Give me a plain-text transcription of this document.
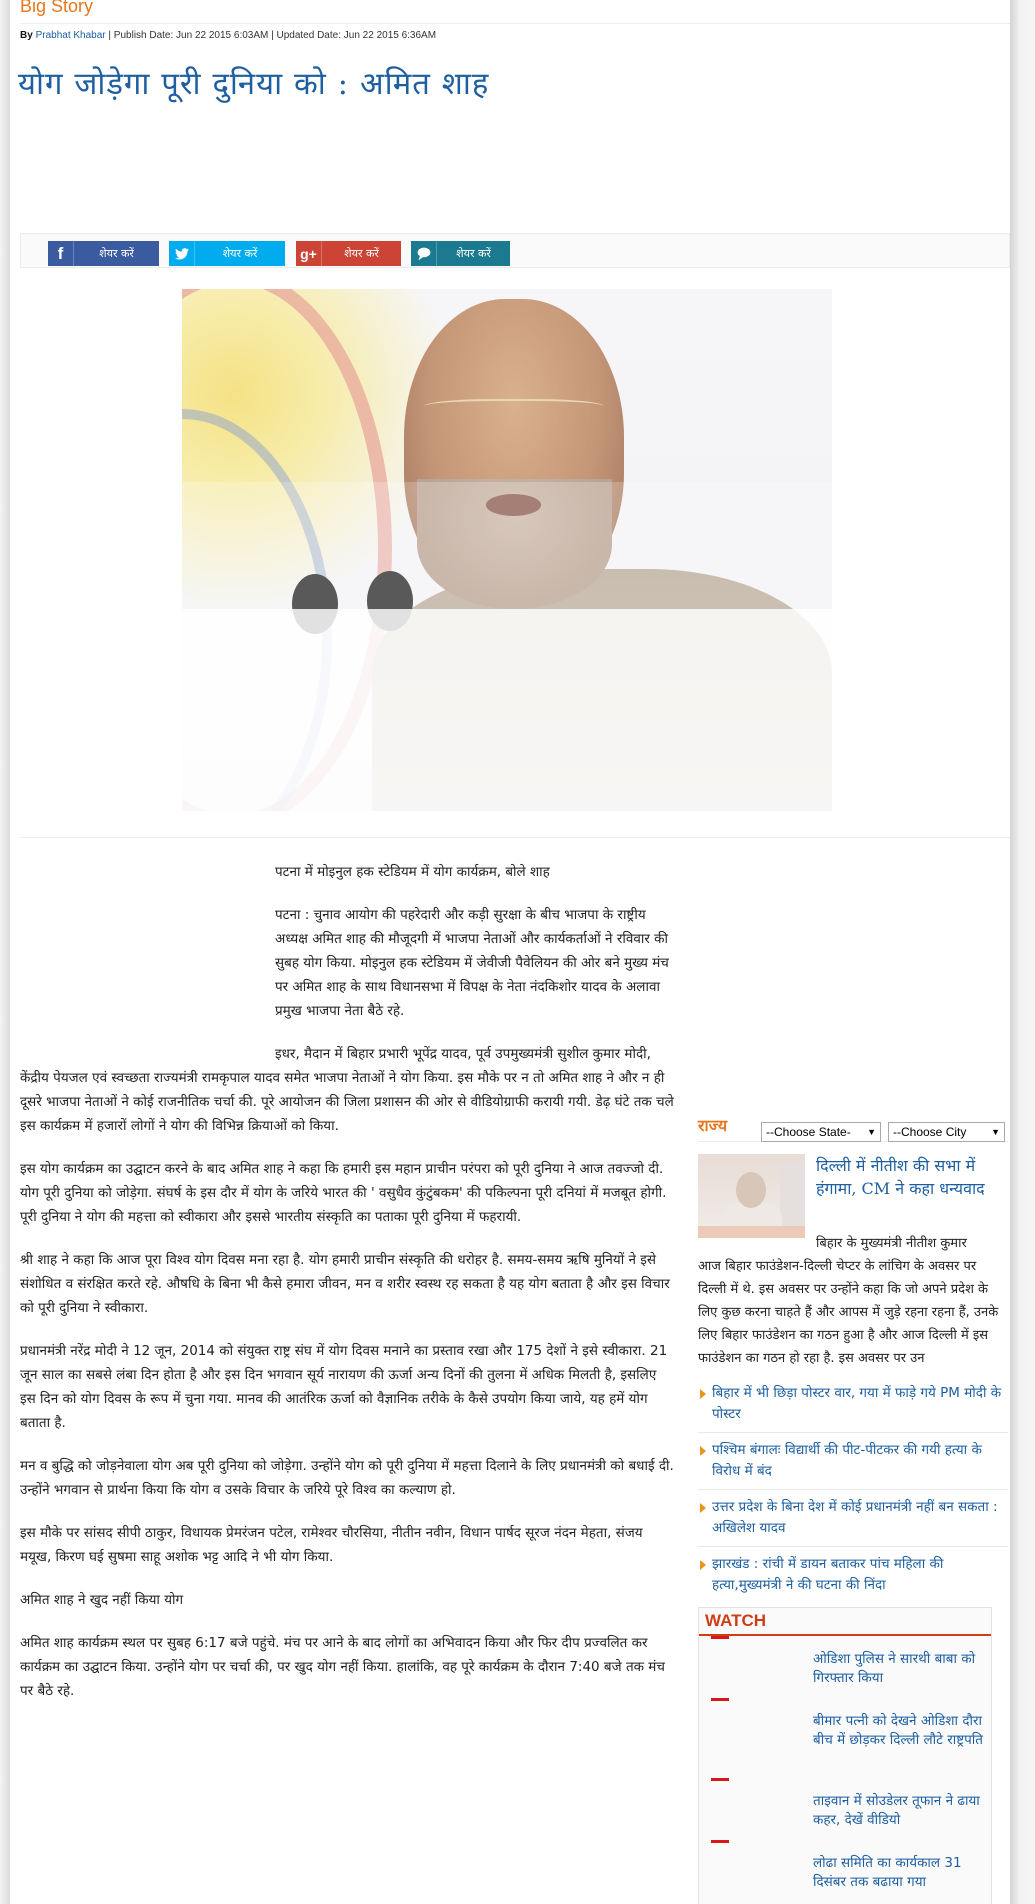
Big Story
By Prabhat Khabar | Publish Date: Jun 22 2015 6:03AM | Updated Date: Jun 22 2015 6:36AM
योग जोड़ेगा पूरी दुनिया को : अमित शाह
f	शेयर करें	शेयर करें	g+	शेयर करें	शेयर करें

पटना में मोइनुल हक स्टेडियम में योग कार्यक्रम, बोले शाह

पटना : चुनाव आयोग की पहरेदारी और कड़ी सुरक्षा के बीच भाजपा के राष्ट्रीय अध्यक्ष अमित शाह की मौजूदगी में भाजपा नेताओं और कार्यकर्ताओं ने रविवार की सुबह योग किया. मोइनुल हक स्टेडियम में जेवीजी पैवेलियन की ओर बने मुख्य मंच पर अमित शाह के साथ विधानसभा में विपक्ष के नेता नंदकिशोर यादव के अलावा प्रमुख भाजपा नेता बैठे रहे.

इधर, मैदान में बिहार प्रभारी भूपेंद्र यादव, पूर्व उपमुख्यमंत्री सुशील कुमार मोदी, केंद्रीय पेयजल एवं स्वच्छता राज्यमंत्री रामकृपाल यादव समेत भाजपा नेताओं ने योग किया. इस मौके पर न तो अमित शाह ने और न ही दूसरे भाजपा नेताओं ने कोई राजनीतिक चर्चा की. पूरे आयोजन की जिला प्रशासन की ओर से वीडियोग्राफी करायी गयी. डेढ़ घंटे तक चले इस कार्यक्रम में हजारों लोगों ने योग की विभिन्न क्रियाओं को किया.

इस योग कार्यक्रम का उद्घाटन करने के बाद अमित शाह ने कहा कि हमारी इस महान प्राचीन परंपरा को पूरी दुनिया ने आज तवज्जो दी. योग पूरी दुनिया को जोड़ेगा. संघर्ष के इस दौर में योग के जरिये भारत की ' वसुधैव कुंटुंबकम' की पकिल्पना पूरी दनियां में मजबूत होगी. पूरी दुनिया ने योग की महत्ता को स्वीकारा और इससे भारतीय संस्कृति का पताका पूरी दुनिया में फहरायी.

श्री शाह ने कहा कि आज पूरा विश्व योग दिवस मना रहा है. योग हमारी प्राचीन संस्कृति की धरोहर है. समय-समय ऋषि मुनियों ने इसे संशोधित व संरक्षित करते रहे. औषधि के बिना भी कैसे हमारा जीवन, मन व शरीर स्वस्थ रह सकता है यह योग बताता है और इस विचार को पूरी दुनिया ने स्वीकारा.

प्रधानमंत्री नरेंद्र मोदी ने 12 जून, 2014 को संयुक्त राष्ट्र संघ में योग दिवस मनाने का प्रस्ताव रखा और 175 देशों ने इसे स्वीकारा. 21 जून साल का सबसे लंबा दिन होता है और इस दिन भगवान सूर्य नारायण की ऊर्जा अन्य दिनों की तुलना में अधिक मिलती है, इसलिए इस दिन को योग दिवस के रूप में चुना गया. मानव की आतंरिक ऊर्जा को वैज्ञानिक तरीके के कैसे उपयोग किया जाये, यह हमें योग बताता है.

मन व बुद्धि को जोड़नेवाला योग अब पूरी दुनिया को जोड़ेगा. उन्होंने योग को पूरी दुनिया में महत्ता दिलाने के लिए प्रधानमंत्री को बधाई दी. उन्होंने भगवान से प्रार्थना किया कि योग व उसके विचार के जरिये पूरे विश्व का कल्याण हो.

इस मौके पर सांसद सीपी ठाकुर, विधायक प्रेमरंजन पटेल, रामेश्वर चौरसिया, नीतीन नवीन, विधान पार्षद सूरज नंदन मेहता, संजय मयूख, किरण घई सुषमा साहू अशोक भट्ट आदि ने भी योग किया.

अमित शाह ने खुद नहीं किया योग

अमित शाह कार्यक्रम स्थल पर सुबह 6:17 बजे पहुंचे. मंच पर आने के बाद लोगों का अभिवादन किया और फिर दीप प्रज्वलित कर कार्यक्रम का उद्घाटन किया. उन्होंने योग पर चर्चा की, पर खुद योग नहीं किया. हालांकि, वह पूरे कार्यक्रम के दौरान 7:40 बजे तक मंच पर बैठे रहे.

राज्य	--Choose State- ▼ --Choose City	▼
दिल्ली में नीतीश की सभा में हंगामा, CM ने कहा धन्यवाद
बिहार के मुख्यमंत्री नीतीश कुमार
आज बिहार फाउंडेशन-दिल्ली चेप्टर के लांचिग के अवसर पर दिल्ली में थे. इस अवसर पर उन्होंने कहा कि जो अपने प्रदेश के लिए कुछ करना चाहते हैं और आपस में जुड़े रहना रहना हैं, उनके लिए बिहार फाउंडेशन का गठन हुआ है और आज दिल्ली में इस फाउंडेशन का गठन हो रहा है. इस अवसर पर उन
बिहार में भी छिड़ा पोस्टर वार, गया में फाड़े गये PM मोदी के पोस्टर
पश्चिम बंगालः विद्यार्थी की पीट-पीटकर की गयी हत्या के विरोध में बंद
उत्तर प्रदेश के बिना देश में कोई प्रधानमंत्री नहीं बन सकता : अखिलेश यादव
झारखंड : रांची में डायन बताकर पांच महिला की हत्या,मुख्यमंत्री ने की घटना की निंदा
WATCH
ओडिशा पुलिस ने सारथी बाबा को गिरफ्तार किया
बीमार पत्नी को देखने ओडिशा दौरा बीच में छोड़कर दिल्ली लौटे राष्ट्रपति
ताइवान में सोउडेलर तूफान ने ढाया कहर, देखें वीडियो
लोढा समिति का कार्यकाल 31 दिसंबर तक बढाया गया
